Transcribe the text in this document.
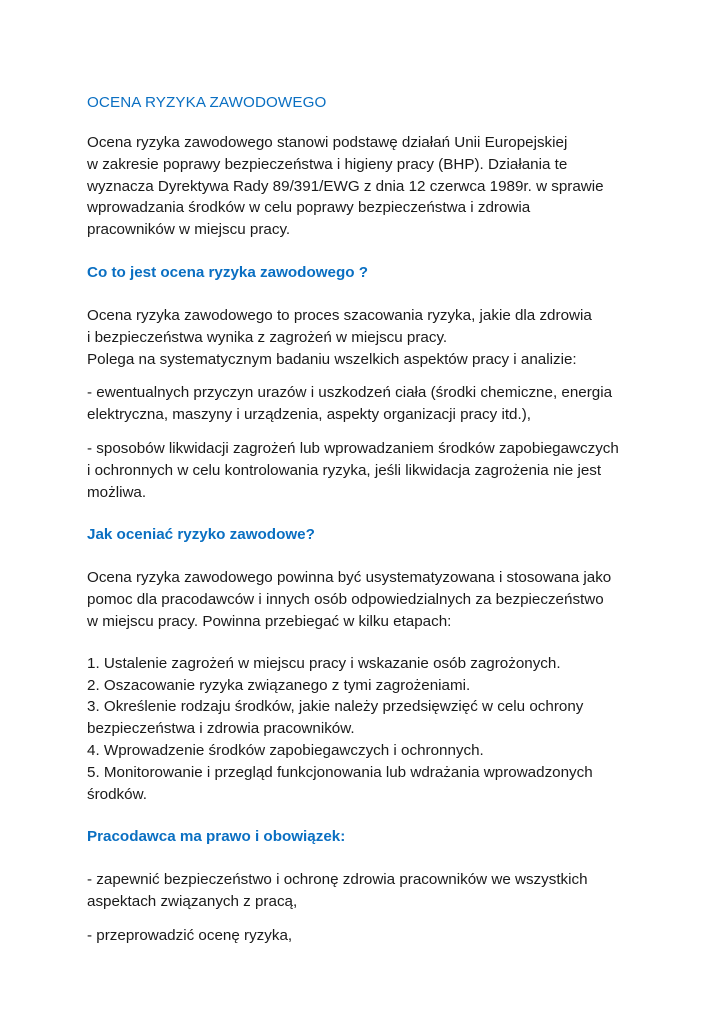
OCENA RYZYKA ZAWODOWEGO

Ocena ryzyka zawodowego stanowi podstawę działań Unii Europejskiej
w zakresie poprawy bezpieczeństwa i higieny pracy (BHP). Działania te
wyznacza Dyrektywa Rady 89/391/EWG z dnia 12 czerwca 1989r. w sprawie
wprowadzania środków w celu poprawy bezpieczeństwa i zdrowia
pracowników w miejscu pracy.

Co to jest ocena ryzyka zawodowego ?

Ocena ryzyka zawodowego to proces szacowania ryzyka, jakie dla zdrowia
i bezpieczeństwa wynika z zagrożeń w miejscu pracy.
Polega na systematycznym badaniu wszelkich aspektów pracy i analizie:

- ewentualnych przyczyn urazów i uszkodzeń ciała (środki chemiczne, energia
elektryczna, maszyny i urządzenia, aspekty organizacji pracy itd.),

- sposobów likwidacji zagrożeń lub wprowadzaniem środków zapobiegawczych
i ochronnych w celu kontrolowania ryzyka, jeśli likwidacja zagrożenia nie jest
możliwa.

Jak oceniać ryzyko zawodowe?

Ocena ryzyka zawodowego powinna być usystematyzowana i stosowana jako
pomoc dla pracodawców i innych osób odpowiedzialnych za bezpieczeństwo
w miejscu pracy. Powinna przebiegać w kilku etapach:

1. Ustalenie zagrożeń w miejscu pracy i wskazanie osób zagrożonych.
2. Oszacowanie ryzyka związanego z tymi zagrożeniami.
3. Określenie rodzaju środków, jakie należy przedsięwzięć w celu ochrony
bezpieczeństwa i zdrowia pracowników.
4. Wprowadzenie środków zapobiegawczych i ochronnych.
5. Monitorowanie i przegląd funkcjonowania lub wdrażania wprowadzonych
środków.

Pracodawca ma prawo i obowiązek:

- zapewnić bezpieczeństwo i ochronę zdrowia pracowników we wszystkich
aspektach związanych z pracą,

- przeprowadzić ocenę ryzyka,
